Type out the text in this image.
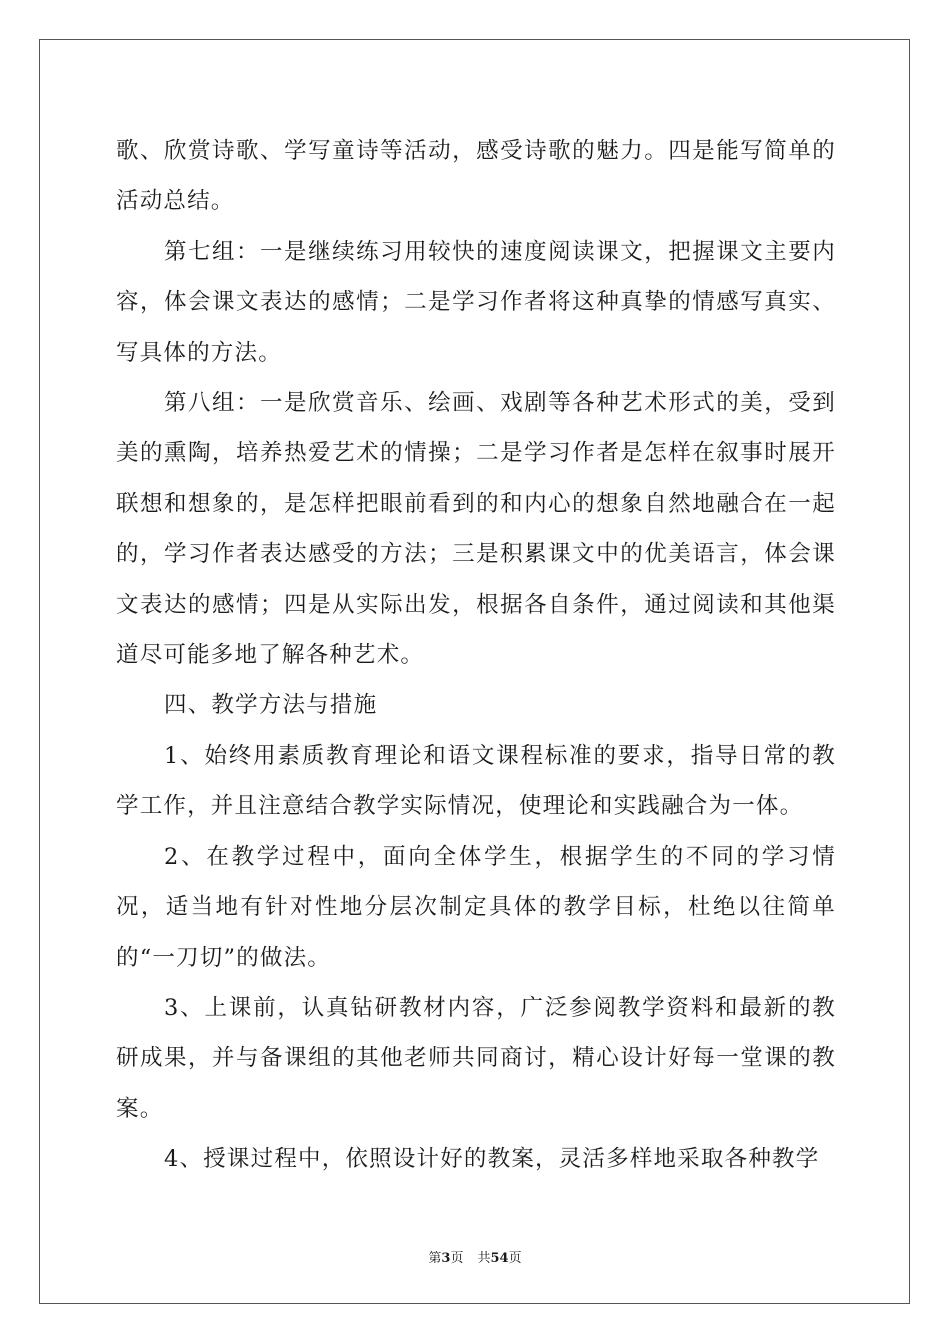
歌、欣赏诗歌、学写童诗等活动，感受诗歌的魅力。四是能写简单的活动总结。

第七组：一是继续练习用较快的速度阅读课文，把握课文主要内容，体会课文表达的感情；二是学习作者将这种真挚的情感写真实、写具体的方法。

第八组：一是欣赏音乐、绘画、戏剧等各种艺术形式的美，受到美的熏陶，培养热爱艺术的情操；二是学习作者是怎样在叙事时展开联想和想象的，是怎样把眼前看到的和内心的想象自然地融合在一起的，学习作者表达感受的方法；三是积累课文中的优美语言，体会课文表达的感情；四是从实际出发，根据各自条件，通过阅读和其他渠道尽可能多地了解各种艺术。

四、教学方法与措施

1、始终用素质教育理论和语文课程标准的要求，指导日常的教学工作，并且注意结合教学实际情况，使理论和实践融合为一体。

2、在教学过程中，面向全体学生，根据学生的不同的学习情况，适当地有针对性地分层次制定具体的教学目标，杜绝以往简单的“一刀切”的做法。

3、上课前，认真钻研教材内容，广泛参阅教学资料和最新的教研成果，并与备课组的其他老师共同商讨，精心设计好每一堂课的教案。

4、授课过程中，依照设计好的教案，灵活多样地采取各种教学

第3页 共54页
